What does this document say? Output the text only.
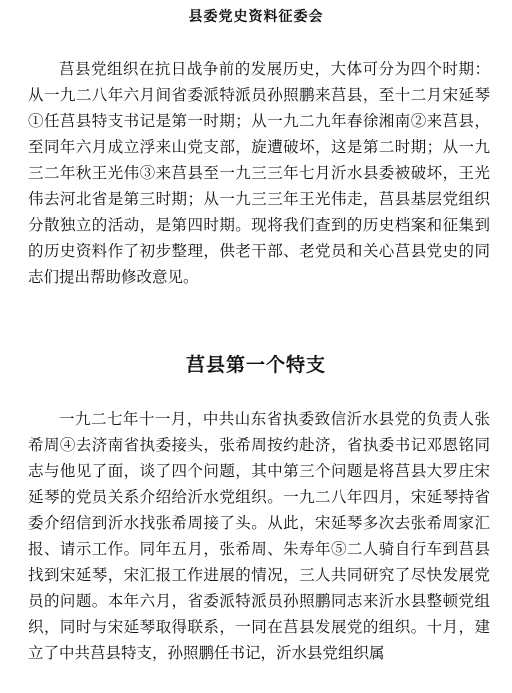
县委党史资料征委会

莒县党组织在抗日战争前的发展历史，大体可分为四个时期：从一九二八年六月间省委派特派员孙照鹏来莒县，至十二月宋延琴①任莒县特支书记是第一时期；从一九二九年春徐湘南②来莒县，至同年六月成立浮来山党支部，旋遭破坏，这是第二时期；从一九三二年秋王光伟③来莒县至一九三三年七月沂水县委被破坏，王光伟去河北省是第三时期；从一九三三年王光伟走，莒县基层党组织分散独立的活动，是第四时期。现将我们查到的历史档案和征集到的历史资料作了初步整理，供老干部、老党员和关心莒县党史的同志们提出帮助修改意见。

莒县第一个特支

一九二七年十一月，中共山东省执委致信沂水县党的负责人张希周④去济南省执委接头，张希周按约赴济，省执委书记邓恩铭同志与他见了面，谈了四个问题，其中第三个问题是将莒县大罗庄宋延琴的党员关系介绍给沂水党组织。一九二八年四月，宋延琴持省委介绍信到沂水找张希周接了头。从此，宋延琴多次去张希周家汇报、请示工作。同年五月，张希周、朱寿年⑤二人骑自行车到莒县找到宋延琴，宋汇报工作进展的情况，三人共同研究了尽快发展党员的问题。本年六月，省委派特派员孙照鹏同志来沂水县整顿党组织，同时与宋延琴取得联系，一同在莒县发展党的组织。十月，建立了中共莒县特支，孙照鹏任书记，沂水县党组织属
